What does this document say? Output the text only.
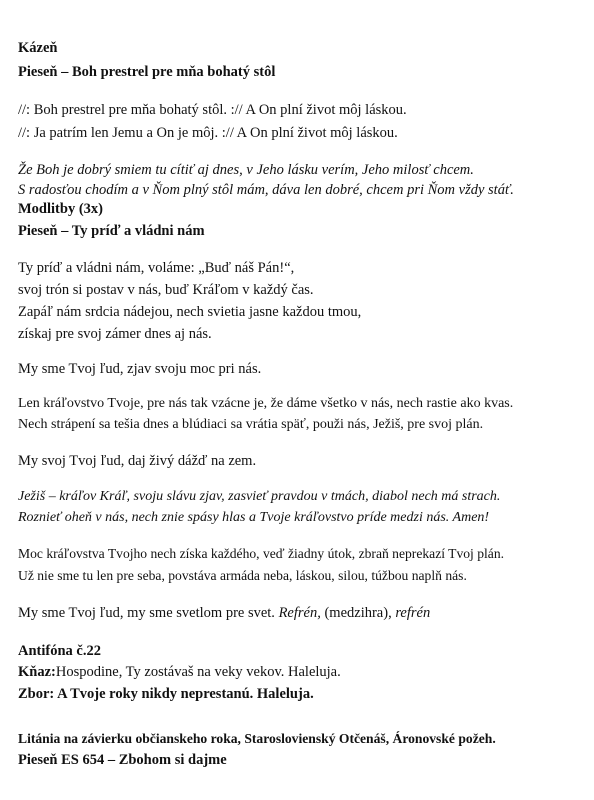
Kázeň
Pieseň – Boh prestrel pre mňa bohatý stôl
//: Boh prestrel pre mňa bohatý stôl. :// A On plní život môj láskou.
//: Ja patrím len Jemu a On je môj. :// A On plní život môj láskou.
Že Boh je dobrý smiem tu cítiť aj dnes, v Jeho lásku verím, Jeho milosť chcem.
S radosťou chodím a v Ňom plný stôl mám, dáva len dobré, chcem pri Ňom vždy stáť.
Modlitby (3x)
Pieseň – Ty príď a vládni nám
Ty príď a vládni nám, voláme: „Buď náš Pán!“,
svoj trón si postav v nás, buď Kráľom v každý čas.
Zapáľ nám srdcia nádejou, nech svietia jasne každou tmou,
získaj pre svoj zámer dnes aj nás.
My sme Tvoj ľud, zjav svoju moc pri nás.
Len kráľovstvo Tvoje, pre nás tak vzácne je, že dáme všetko v nás, nech rastie ako kvas.
Nech strápení sa tešia dnes a blúdiaci sa vrátia späť, použi nás, Ježiš, pre svoj plán.
My svoj Tvoj ľud, daj živý dážď na zem.
Ježiš – kráľov Kráľ, svoju slávu zjav, zasvieť pravdou v tmách, diabol nech má strach.
Roznieť oheň v nás, nech znie spásy hlas a Tvoje kráľovstvo príde medzi nás. Amen!
Moc kráľovstva Tvojho nech získa každého, veď žiadny útok, zbraň neprekazí Tvoj plán.
Už nie sme tu len pre seba, povstáva armáda neba, láskou, silou, túžbou naplň nás.
My sme Tvoj ľud, my sme svetlom pre svet. Refrén, (medzihra), refrén
Antifóna č.22
Kňaz:Hospodine, Ty zostávaš na veky vekov. Haleluja.
Zbor: A Tvoje roky nikdy neprestanú. Haleluja.
Litánia na závierku občianskeho roka, Staroslovienský Otčenáš, Áronovské požeh.
Pieseň ES 654 – Zbohom si dajme
